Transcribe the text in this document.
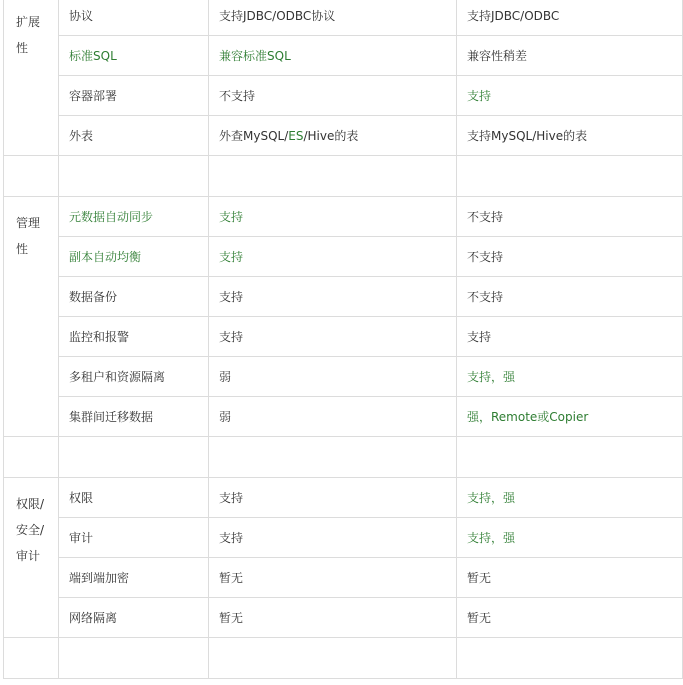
扩展
性	协议	支持JDBC/ODBC协议	支持JDBC/ODBC
	标准SQL	兼容标准SQL	兼容性稍差
	容器部署	不支持	支持
	外表	外查MySQL/ES/Hive的表	支持MySQL/Hive的表

管理
性	元数据自动同步	支持	不支持
	副本自动均衡	支持	不支持
	数据备份	支持	不支持
	监控和报警	支持	支持
	多租户和资源隔离	弱	支持，强
	集群间迁移数据	弱	强，Remote或Copier

权限/
安全/
审计	权限	支持	支持，强
	审计	支持	支持，强
	端到端加密	暂无	暂无
	网络隔离	暂无	暂无
